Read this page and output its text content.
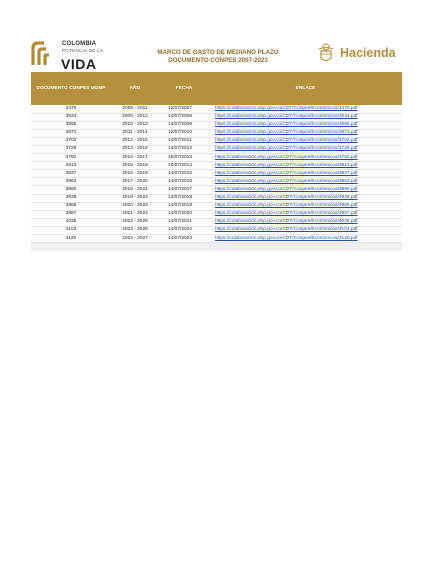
COLOMBIA
POTENCIA DE LA
VIDA
MARCO DE GASTO DE MEDIANO PLAZO
DOCUMENTO CONPES 2007-2023
Hacienda
DOCUMENTO CONPES MGMP	AÑO	FECHA	ENLACE
3479	2008 - 2011	12/07/2007	https://colaboracion.dnp.gov.co/CDT/Conpes/Económicos/3479.pdf
3534	2009 - 2012	14/07/2008	https://colaboracion.dnp.gov.co/CDT/Conpes/Económicos/3534.pdf
3595	2010 - 2013	13/07/2009	https://colaboracion.dnp.gov.co/CDT/Conpes/Económicos/3595.pdf
3671	2011 - 2014	12/07/2010	https://colaboracion.dnp.gov.co/CDT/Conpes/Económicos/3671.pdf
3702	2012 - 2015	14/07/2011	https://colaboracion.dnp.gov.co/CDT/Conpes/Económicos/3702.pdf
3729	2013 - 2016	13/07/2012	https://colaboracion.dnp.gov.co/CDT/Conpes/Económicos/3729.pdf
3782	2014 - 2017	15/07/2013	https://colaboracion.dnp.gov.co/CDT/Conpes/Económicos/3782.pdf
3813	2015 - 2018	10/07/2014	https://colaboracion.dnp.gov.co/CDT/Conpes/Económicos/3813.pdf
3837	2016 - 2019	14/07/2015	https://colaboracion.dnp.gov.co/CDT/Conpes/Económicos/3837.pdf
3863	2017 - 2020	14/07/2016	https://colaboracion.dnp.gov.co/CDT/Conpes/Económicos/3863.pdf
3890	2018 - 2021	14/07/2017	https://colaboracion.dnp.gov.co/CDT/Conpes/Económicos/3890.pdf
3938	2019 - 2022	13/07/2018	https://colaboracion.dnp.gov.co/CDT/Conpes/Económicos/3938.pdf
3965	2020 - 2023	14/07/2019	https://colaboracion.dnp.gov.co/CDT/Conpes/Económicos/3965.pdf
3997	2021 - 2024	14/07/2020	https://colaboracion.dnp.gov.co/CDT/Conpes/Económicos/3997.pdf
4035	2022 - 2025	14/07/2021	https://colaboracion.dnp.gov.co/CDT/Conpes/Económicos/4035.pdf
4103	2023 - 2026	14/07/2022	https://colaboracion.dnp.gov.co/CDT/Conpes/Económicos/4103.pdf
4120	2024 - 2027	14/07/2023	https://colaboracion.dnp.gov.co/CDT/Conpes/Económicos/4120.pdf
